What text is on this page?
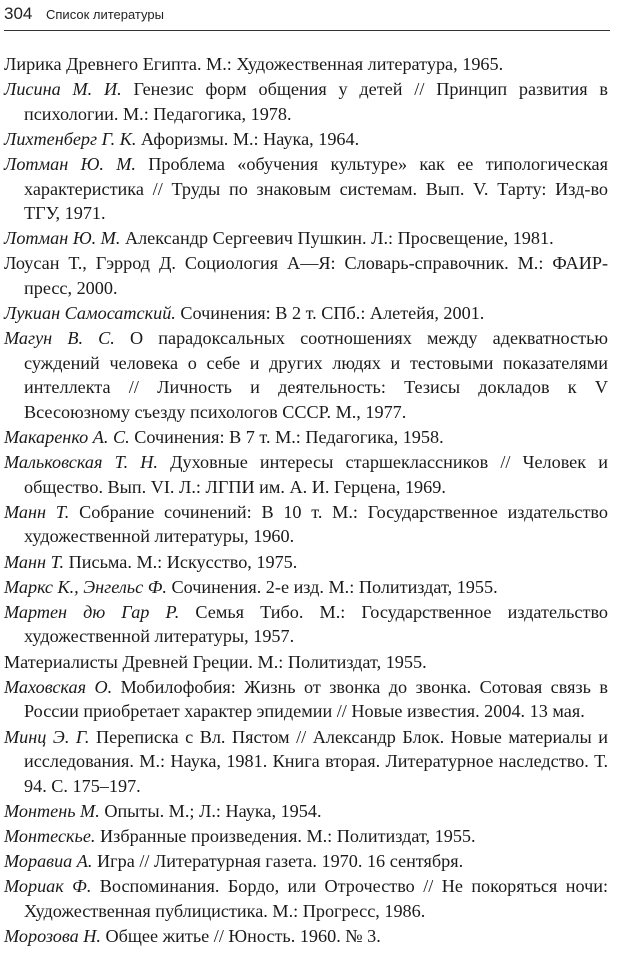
304 Список литературы
Лирика Древнего Египта. М.: Художественная литература, 1965.
Лисина М. И. Генезис форм общения у детей // Принцип развития в психологии. М.: Педагогика, 1978.
Лихтенберг Г. К. Афоризмы. М.: Наука, 1964.
Лотман Ю. М. Проблема «обучения культуре» как ее типологическая характеристика // Труды по знаковым системам. Вып. V. Тарту: Изд-во ТГУ, 1971.
Лотман Ю. М. Александр Сергеевич Пушкин. Л.: Просвещение, 1981.
Лоусан Т., Гэррод Д. Социология А—Я: Словарь-справочник. М.: ФАИР-пресс, 2000.
Лукиан Самосатский. Сочинения: В 2 т. СПб.: Алетейя, 2001.
Магун В. С. О парадоксальных соотношениях между адекватностью суждений человека о себе и других людях и тестовыми показателями интеллекта // Личность и деятельность: Тезисы докладов к V Всесоюзному съезду психологов СССР. М., 1977.
Макаренко А. С. Сочинения: В 7 т. М.: Педагогика, 1958.
Мальковская Т. Н. Духовные интересы старшеклассников // Человек и общество. Вып. VI. Л.: ЛГПИ им. А. И. Герцена, 1969.
Манн Т. Собрание сочинений: В 10 т. М.: Государственное издательство художественной литературы, 1960.
Манн Т. Письма. М.: Искусство, 1975.
Маркс К., Энгельс Ф. Сочинения. 2-е изд. М.: Политиздат, 1955.
Мартен дю Гар Р. Семья Тибо. М.: Государственное издательство художественной литературы, 1957.
Материалисты Древней Греции. М.: Политиздат, 1955.
Маховская О. Мобилофобия: Жизнь от звонка до звонка. Сотовая связь в России приобретает характер эпидемии // Новые известия. 2004. 13 мая.
Минц Э. Г. Переписка с Вл. Пястом // Александр Блок. Новые материалы и исследования. М.: Наука, 1981. Книга вторая. Литературное наследство. Т. 94. С. 175–197.
Монтень М. Опыты. М.; Л.: Наука, 1954.
Монтескье. Избранные произведения. М.: Политиздат, 1955.
Моравиа А. Игра // Литературная газета. 1970. 16 сентября.
Мориак Ф. Воспоминания. Бордо, или Отрочество // Не покоряться ночи: Художественная публицистика. М.: Прогресс, 1986.
Морозова Н. Общее житье // Юность. 1960. № 3.
